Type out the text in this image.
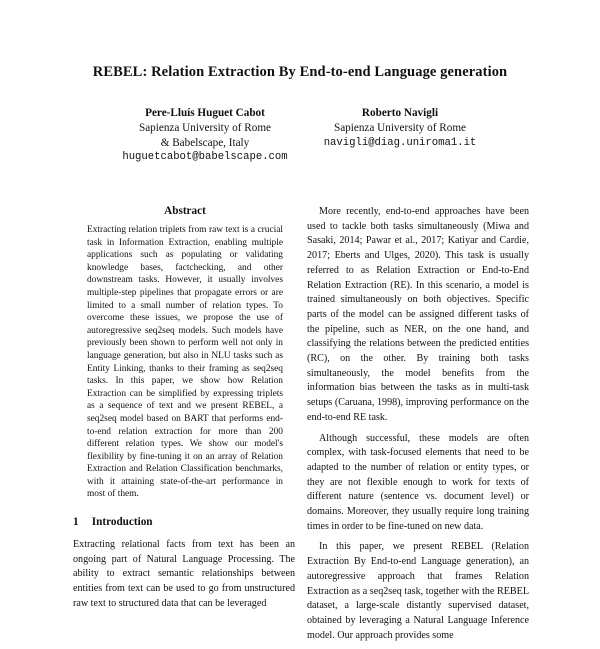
REBEL: Relation Extraction By End-to-end Language generation
Pere-Lluís Huguet Cabot
Sapienza University of Rome
& Babelscape, Italy
huguetcabot@babelscape.com
Roberto Navigli
Sapienza University of Rome
navigli@diag.uniroma1.it
Abstract
Extracting relation triplets from raw text is a crucial task in Information Extraction, enabling multiple applications such as populating or validating knowledge bases, factchecking, and other downstream tasks. However, it usually involves multiple-step pipelines that propagate errors or are limited to a small number of relation types. To overcome these issues, we propose the use of autoregressive seq2seq models. Such models have previously been shown to perform well not only in language generation, but also in NLU tasks such as Entity Linking, thanks to their framing as seq2seq tasks. In this paper, we show how Relation Extraction can be simplified by expressing triplets as a sequence of text and we present REBEL, a seq2seq model based on BART that performs end-to-end relation extraction for more than 200 different relation types. We show our model's flexibility by fine-tuning it on an array of Relation Extraction and Relation Classification benchmarks, with it attaining state-of-the-art performance in most of them.
1 Introduction

Extracting relational facts from text has been an ongoing part of Natural Language Processing. The ability to extract semantic relationships between entities from text can be used to go from unstructured raw text to structured data that can be leveraged

More recently, end-to-end approaches have been used to tackle both tasks simultaneously (Miwa and Sasaki, 2014; Pawar et al., 2017; Katiyar and Cardie, 2017; Eberts and Ulges, 2020). This task is usually referred to as Relation Extraction or End-to-End Relation Extraction (RE). In this scenario, a model is trained simultaneously on both objectives. Specific parts of the model can be assigned different tasks of the pipeline, such as NER, on the one hand, and classifying the relations between the predicted entities (RC), on the other. By training both tasks simultaneously, the model benefits from the information bias between the tasks as in multi-task setups (Caruana, 1998), improving performance on the end-to-end RE task.

Although successful, these models are often complex, with task-focused elements that need to be adapted to the number of relation or entity types, or they are not flexible enough to work for texts of different nature (sentence vs. document level) or domains. Moreover, they usually require long training times in order to be fine-tuned on new data.

In this paper, we present REBEL (Relation Extraction By End-to-end Language generation), an autoregressive approach that frames Relation Extraction as a seq2seq task, together with the REBEL dataset, a large-scale distantly supervised dataset, obtained by leveraging a Natural Language Inference model. Our approach provides some
